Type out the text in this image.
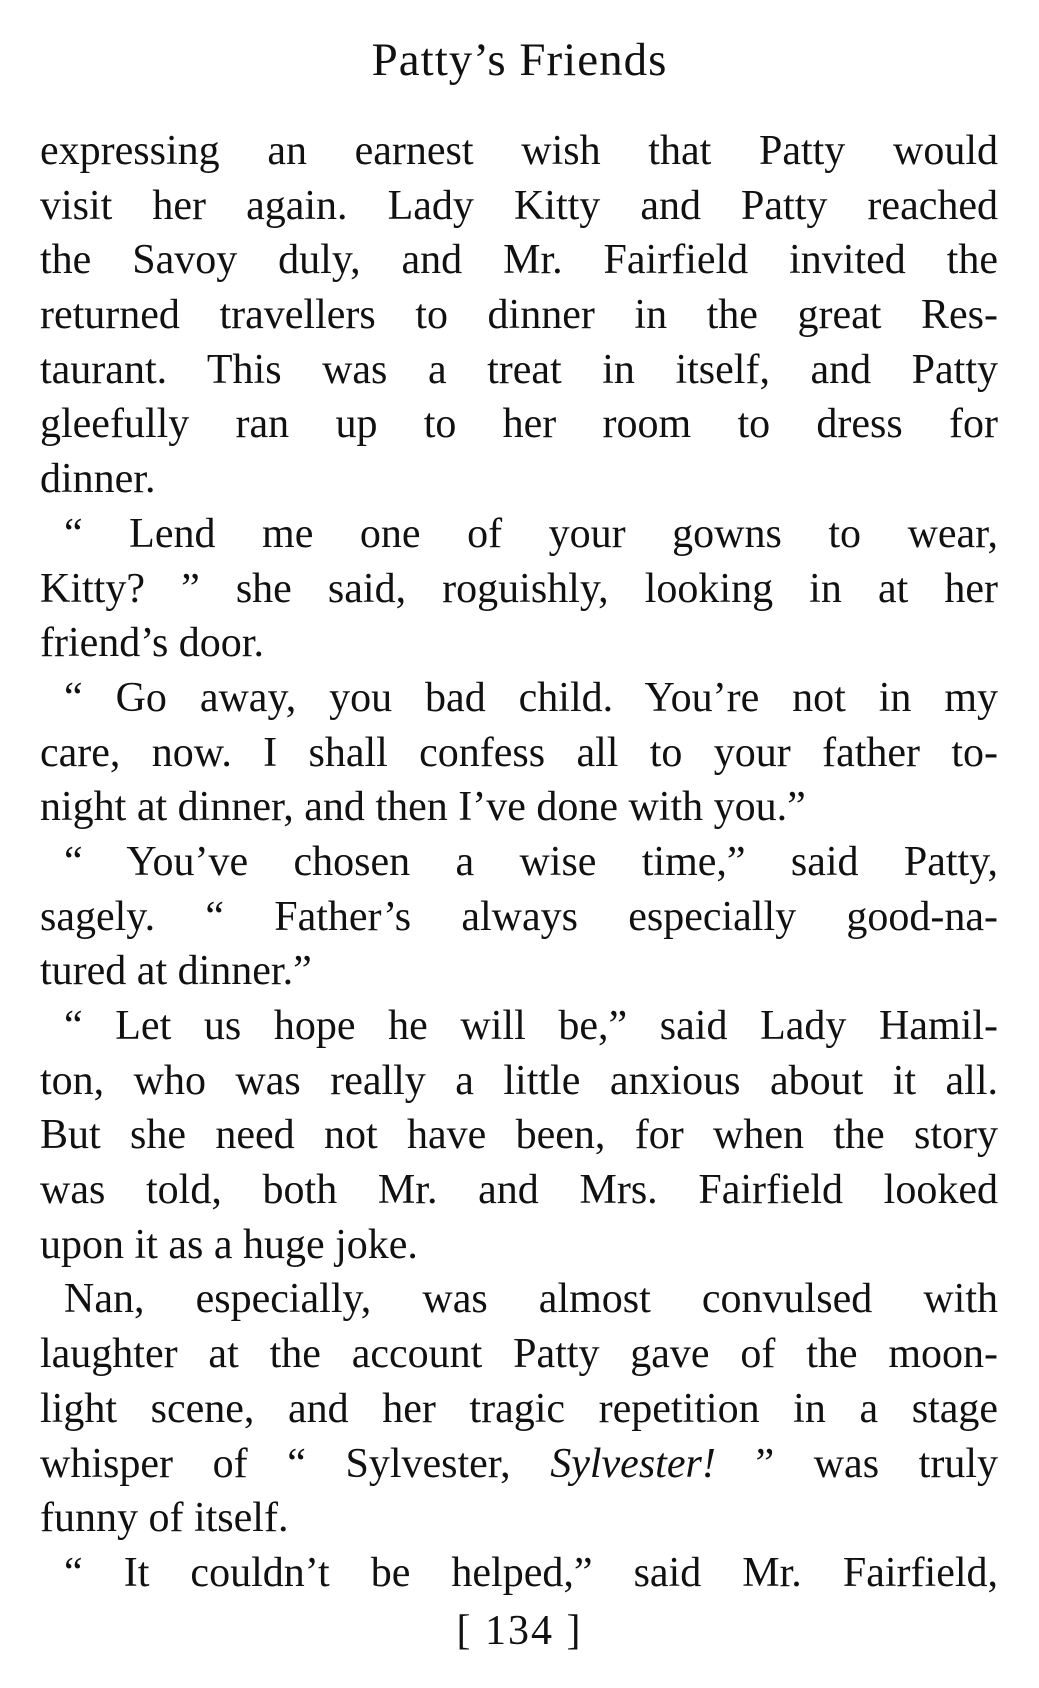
Patty’s Friends
expressing an earnest wish that Patty would
visit her again. Lady Kitty and Patty reached
the Savoy duly, and Mr. Fairfield invited the
returned travellers to dinner in the great Res-
taurant. This was a treat in itself, and Patty
gleefully ran up to her room to dress for
dinner.
“ Lend me one of your gowns to wear,
Kitty? ” she said, roguishly, looking in at her
friend’s door.
“ Go away, you bad child. You’re not in my
care, now. I shall confess all to your father to-
night at dinner, and then I’ve done with you.”
“ You’ve chosen a wise time,” said Patty,
sagely. “ Father’s always especially good-na-
tured at dinner.”
“ Let us hope he will be,” said Lady Hamil-
ton, who was really a little anxious about it all.
But she need not have been, for when the story
was told, both Mr. and Mrs. Fairfield looked
upon it as a huge joke.
Nan, especially, was almost convulsed with
laughter at the account Patty gave of the moon-
light scene, and her tragic repetition in a stage
whisper of “ Sylvester, Sylvester! ” was truly
funny of itself.
“ It couldn’t be helped,” said Mr. Fairfield,
[ 134 ]
